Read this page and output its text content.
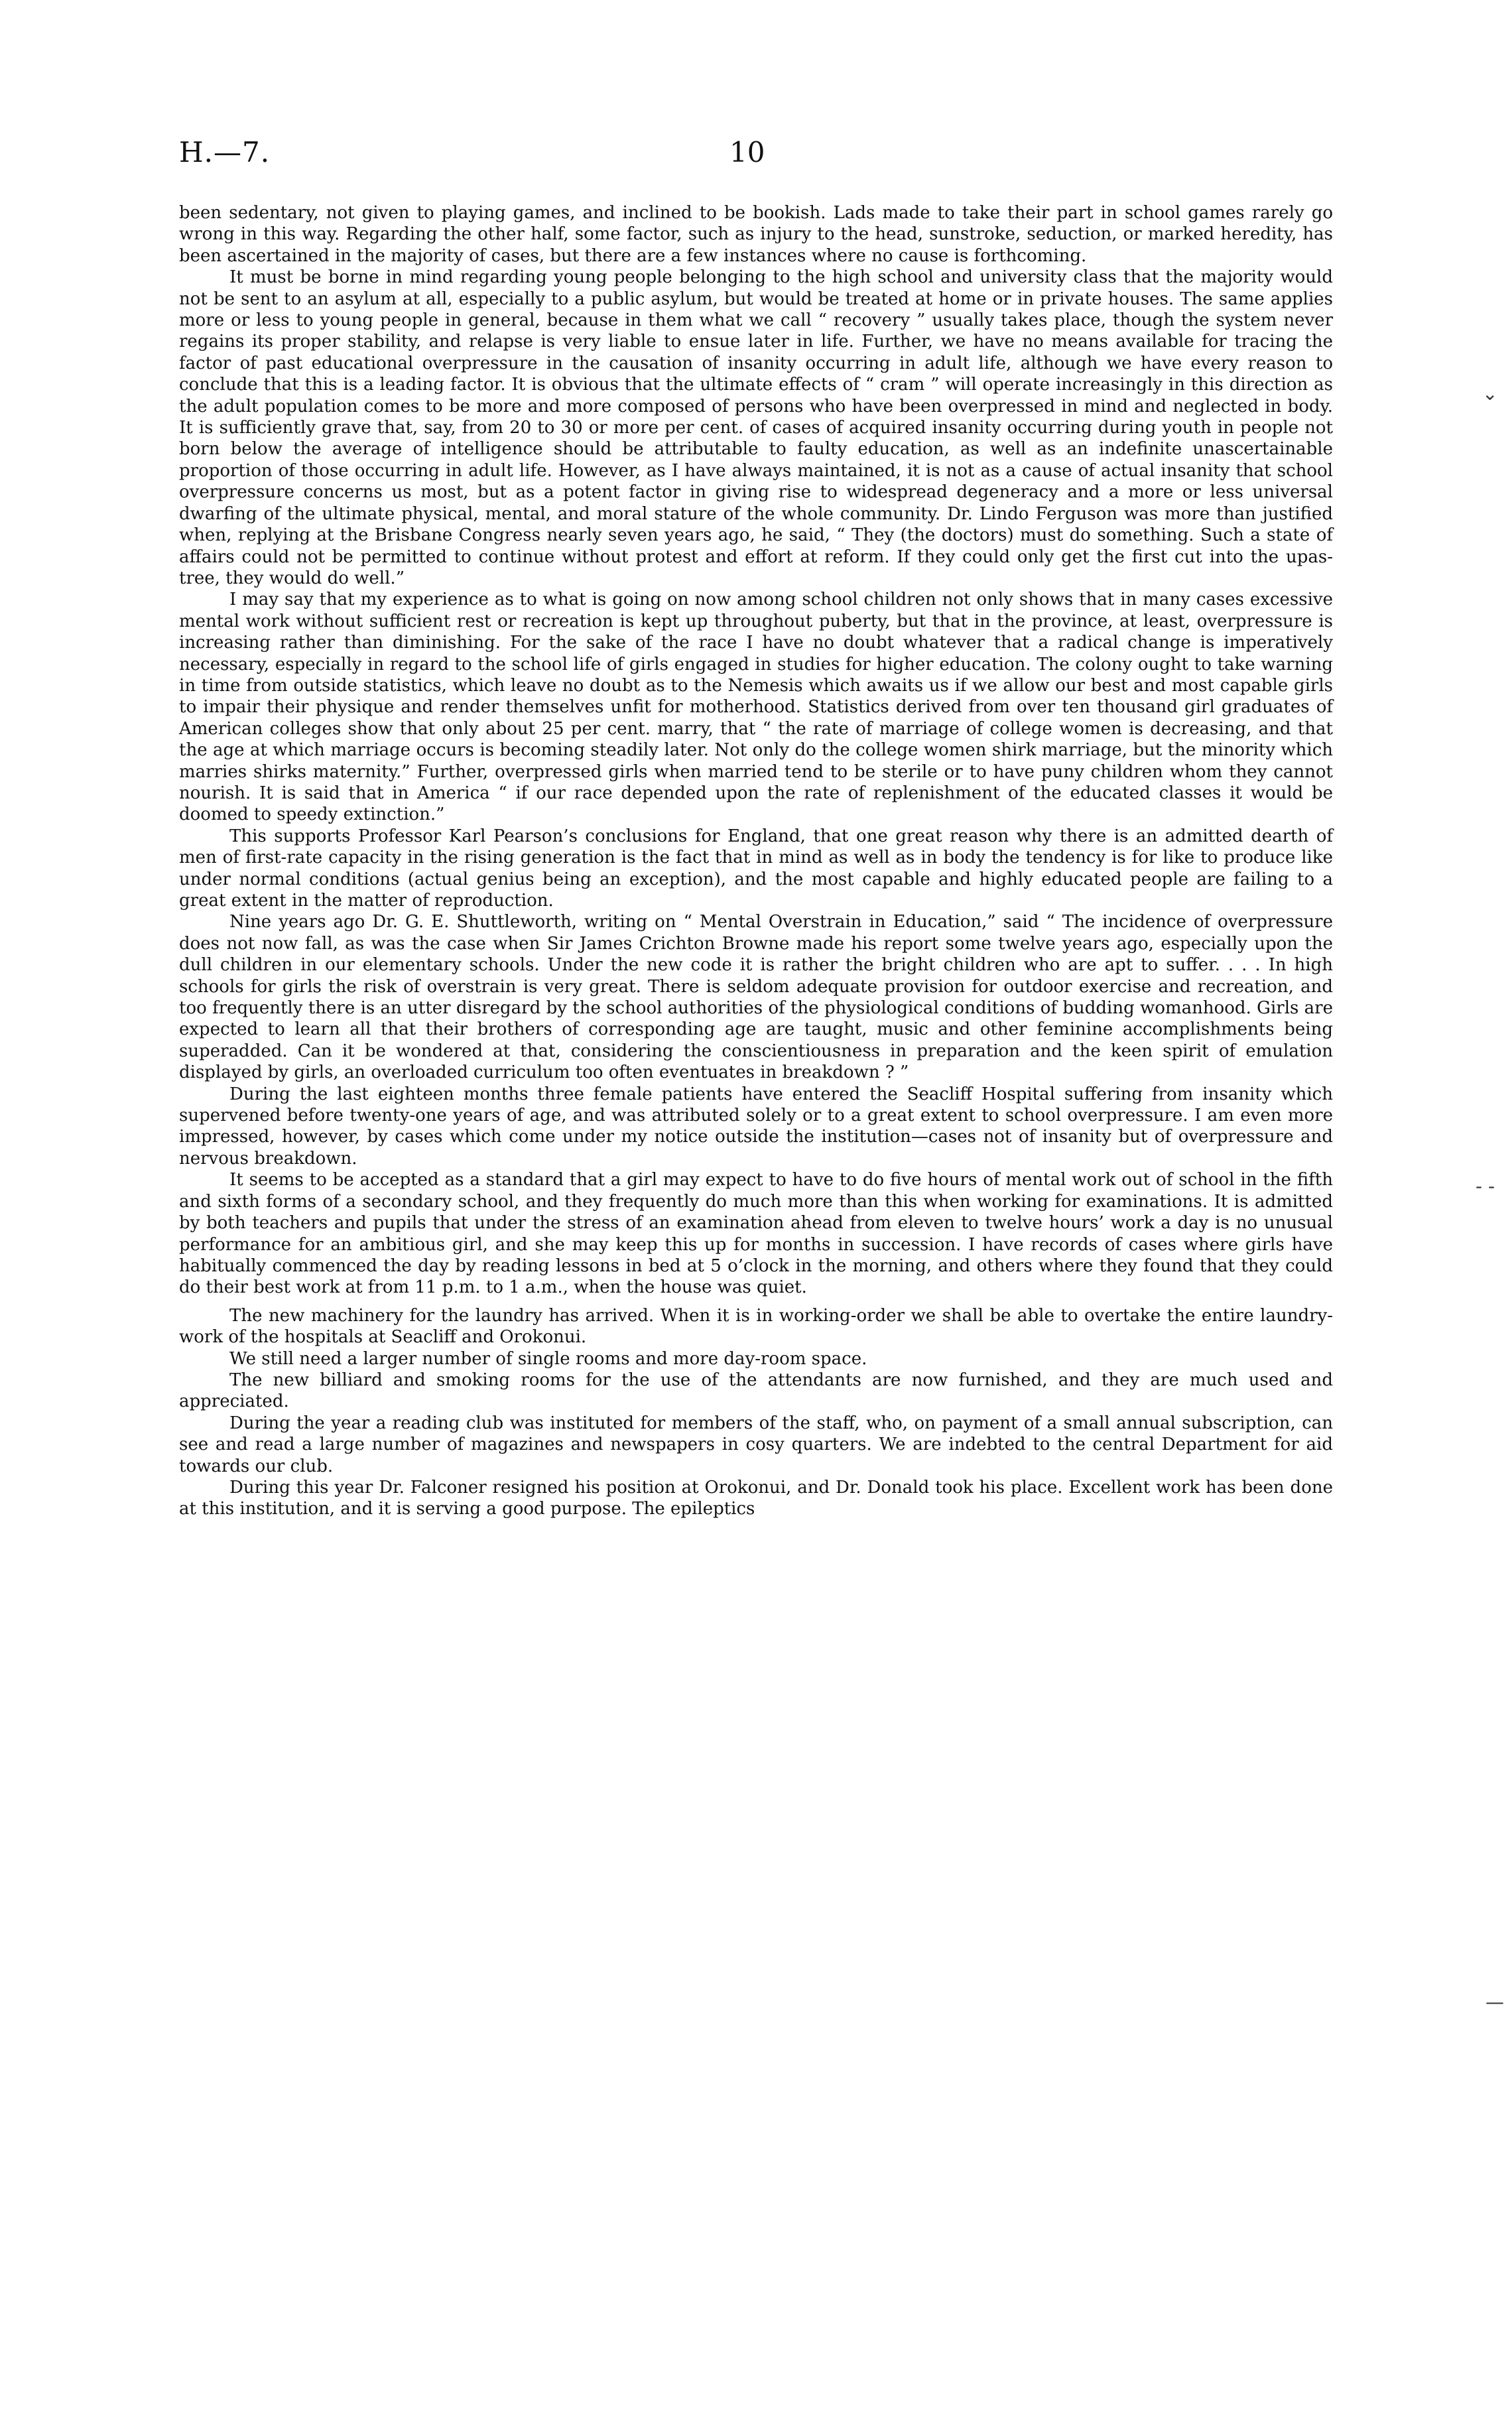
H.—7.	10

been sedentary, not given to playing games, and inclined to be bookish. Lads made to take their part in school games rarely go wrong in this way. Regarding the other half, some factor, such as injury to the head, sunstroke, seduction, or marked heredity, has been ascertained in the majority of cases, but there are a few instances where no cause is forthcoming.

It must be borne in mind regarding young people belonging to the high school and university class that the majority would not be sent to an asylum at all, especially to a public asylum, but would be treated at home or in private houses. The same applies more or less to young people in general, because in them what we call “ recovery ” usually takes place, though the system never regains its proper stability, and relapse is very liable to ensue later in life. Further, we have no means available for tracing the factor of past educational overpressure in the causation of insanity occurring in adult life, although we have every reason to conclude that this is a leading factor. It is obvious that the ultimate effects of “ cram ” will operate increasingly in this direction as the adult population comes to be more and more composed of persons who have been overpressed in mind and neglected in body. It is sufficiently grave that, say, from 20 to 30 or more per cent. of cases of acquired insanity occurring during youth in people not born below the average of intelligence should be attributable to faulty education, as well as an indefinite unascertainable proportion of those occurring in adult life. However, as I have always maintained, it is not as a cause of actual insanity that school overpressure concerns us most, but as a potent factor in giving rise to widespread degeneracy and a more or less universal dwarfing of the ultimate physical, mental, and moral stature of the whole community. Dr. Lindo Ferguson was more than justified when, replying at the Brisbane Congress nearly seven years ago, he said, “ They (the doctors) must do something. Such a state of affairs could not be permitted to continue without protest and effort at reform. If they could only get the first cut into the upas-tree, they would do well.”

I may say that my experience as to what is going on now among school children not only shows that in many cases excessive mental work without sufficient rest or recreation is kept up throughout puberty, but that in the province, at least, overpressure is increasing rather than diminishing. For the sake of the race I have no doubt whatever that a radical change is imperatively necessary, especially in regard to the school life of girls engaged in studies for higher education. The colony ought to take warning in time from outside statistics, which leave no doubt as to the Nemesis which awaits us if we allow our best and most capable girls to impair their physique and render themselves unfit for motherhood. Statistics derived from over ten thousand girl graduates of American colleges show that only about 25 per cent. marry, that “ the rate of marriage of college women is decreasing, and that the age at which marriage occurs is becoming steadily later. Not only do the college women shirk marriage, but the minority which marries shirks maternity.” Further, overpressed girls when married tend to be sterile or to have puny children whom they cannot nourish. It is said that in America “ if our race depended upon the rate of replenishment of the educated classes it would be doomed to speedy extinction.”

This supports Professor Karl Pearson’s conclusions for England, that one great reason why there is an admitted dearth of men of first-rate capacity in the rising generation is the fact that in mind as well as in body the tendency is for like to produce like under normal conditions (actual genius being an exception), and the most capable and highly educated people are failing to a great extent in the matter of reproduction.

Nine years ago Dr. G. E. Shuttleworth, writing on “ Mental Overstrain in Education,” said “ The incidence of overpressure does not now fall, as was the case when Sir James Crichton Browne made his report some twelve years ago, especially upon the dull children in our elementary schools. Under the new code it is rather the bright children who are apt to suffer. . . . In high schools for girls the risk of overstrain is very great. There is seldom adequate provision for outdoor exercise and recreation, and too frequently there is an utter disregard by the school authorities of the physiological conditions of budding womanhood. Girls are expected to learn all that their brothers of corresponding age are taught, music and other feminine accomplishments being superadded. Can it be wondered at that, considering the conscientiousness in preparation and the keen spirit of emulation displayed by girls, an overloaded curriculum too often eventuates in breakdown ? ”

During the last eighteen months three female patients have entered the Seacliff Hospital suffering from insanity which supervened before twenty-one years of age, and was attributed solely or to a great extent to school overpressure. I am even more impressed, however, by cases which come under my notice outside the institution—cases not of insanity but of overpressure and nervous breakdown.

It seems to be accepted as a standard that a girl may expect to have to do five hours of mental work out of school in the fifth and sixth forms of a secondary school, and they frequently do much more than this when working for examinations. It is admitted by both teachers and pupils that under the stress of an examination ahead from eleven to twelve hours’ work a day is no unusual performance for an ambitious girl, and she may keep this up for months in succession. I have records of cases where girls have habitually commenced the day by reading lessons in bed at 5 o’clock in the morning, and others where they found that they could do their best work at from 11 p.m. to 1 a.m., when the house was quiet.

The new machinery for the laundry has arrived. When it is in working-order we shall be able to overtake the entire laundry-work of the hospitals at Seacliff and Orokonui.

We still need a larger number of single rooms and more day-room space.

The new billiard and smoking rooms for the use of the attendants are now furnished, and they are much used and appreciated.

During the year a reading club was instituted for members of the staff, who, on payment of a small annual subscription, can see and read a large number of magazines and newspapers in cosy quarters. We are indebted to the central Department for aid towards our club.

During this year Dr. Falconer resigned his position at Orokonui, and Dr. Donald took his place. Excellent work has been done at this institution, and it is serving a good purpose. The epileptics

⌄
- -
—
